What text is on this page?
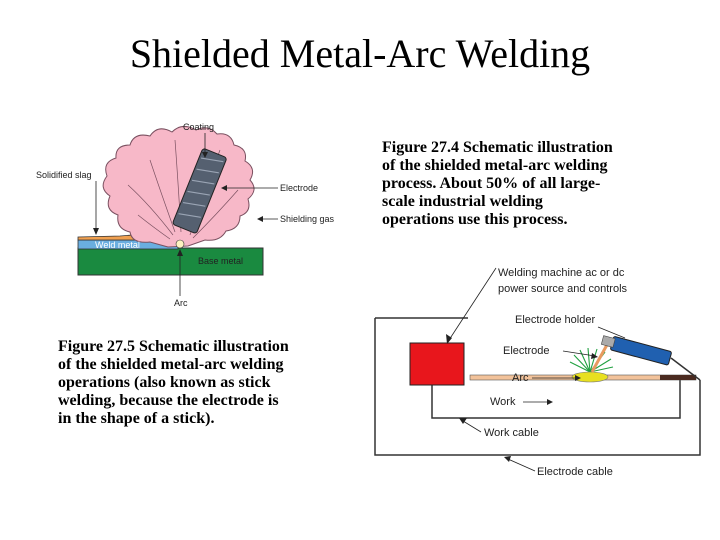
Shielded Metal-Arc Welding
Figure 27.4 Schematic illustration
of the shielded metal-arc welding
process. About 50% of all large-
scale industrial welding
operations use this process.
Figure 27.5 Schematic illustration
of the shielded metal-arc welding
operations (also known as stick
welding, because the electrode is
in the shape of a stick).
Coating
Solidified slag
Electrode
Shielding gas
Weld metal
Base metal
Arc
Welding machine ac or dc
power source and controls
Electrode holder
Electrode
Arc
Work
Work cable
Electrode cable
